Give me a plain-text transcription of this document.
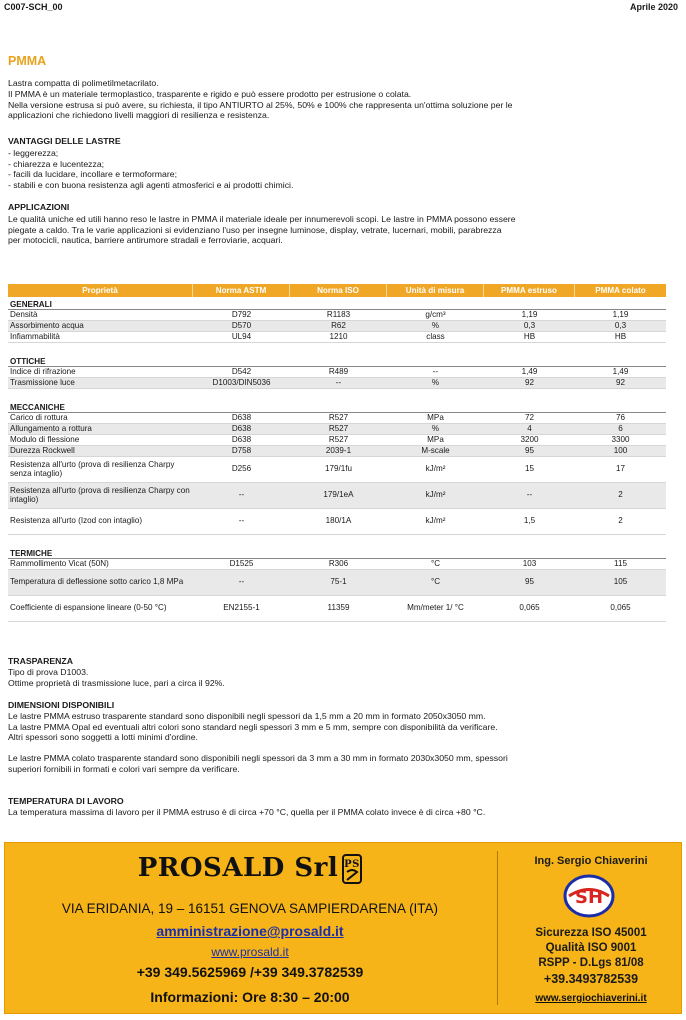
C007-SCH_00	Aprile 2020
PMMA
Lastra compatta di polimetilmetacrilato.
Il PMMA è un materiale termoplastico, trasparente e rigido e può essere prodotto per estrusione o colata.
Nella versione estrusa si può avere, su richiesta, il tipo ANTIURTO al 25%, 50% e 100% che rappresenta un'ottima soluzione per le
applicazioni che richiedono livelli maggiori di resilienza e resistenza.
VANTAGGI DELLE LASTRE
- leggerezza;
- chiarezza e lucentezza;
- facili da lucidare, incollare e termoformare;
- stabili e con buona resistenza agli agenti atmosferici e ai prodotti chimici.
APPLICAZIONI
Le qualità uniche ed utili hanno reso le lastre in PMMA il materiale ideale per innumerevoli scopi. Le lastre in PMMA possono essere
piegate a caldo. Tra le varie applicazioni si evidenziano l'uso per insegne luminose, display, vetrate, lucernari, mobili, parabrezza
per motocicli, nautica, barriere antirumore stradali e ferroviarie, acquari.
Proprietà	Norma ASTM	Norma ISO	Unità di misura	PMMA estruso	PMMA colato
GENERALI
Densità	D792	R1183	g/cm³	1,19	1,19
Assorbimento acqua	D570	R62	%	0,3	0,3
Infiammabilità	UL94	1210	class	HB	HB
OTTICHE
Indice di rifrazione	D542	R489	--	1,49	1,49
Trasmissione luce	D1003/DIN5036	--	%	92	92
MECCANICHE
Carico di rottura	D638	R527	MPa	72	76
Allungamento a rottura	D638	R527	%	4	6
Modulo di flessione	D638	R527	MPa	3200	3300
Durezza Rockwell	D758	2039-1	M-scale	95	100
Resistenza all'urto (prova di resilienza Charpy senza intaglio)	D256	179/1fu	kJ/m²	15	17
Resistenza all'urto (prova di resilienza Charpy con intaglio)	--	179/1eA	kJ/m²	--	2
Resistenza all'urto (Izod con intaglio)	--	180/1A	kJ/m²	1,5	2
TERMICHE
Rammollimento Vicat (50N)	D1525	R306	°C	103	115
Temperatura di deflessione sotto carico 1,8 MPa	--	75-1	°C	95	105
Coefficiente di espansione lineare (0-50 °C)	EN2155-1	11359	Mm/meter 1/ °C	0,065	0,065
TRASPARENZA
Tipo di prova D1003.
Ottime proprietà di trasmissione luce, pari a circa il 92%.
DIMENSIONI DISPONIBILI
Le lastre PMMA estruso trasparente standard sono disponibili negli spessori da 1,5 mm a 20 mm in formato 2050x3050 mm.
La lastre PMMA Opal ed eventuali altri colori sono standard negli spessori 3 mm e 5 mm, sempre con disponibilità da verificare.
Altri spessori sono soggetti a lotti minimi d'ordine.
Le lastre PMMA colato trasparente standard sono disponibili negli spessori da 3 mm a 30 mm in formato 2030x3050 mm, spessori
superiori fornibili in formati e colori vari sempre da verificare.
TEMPERATURA DI LAVORO
La temperatura massima di lavoro per il PMMA estruso è di circa +70 °C, quella per il PMMA colato invece è di circa +80 °C.
PROSALD Srl PS
VIA ERIDANIA, 19 – 16151 GENOVA SAMPIERDARENA (ITA)
amministrazione@prosald.it
www.prosald.it
+39 349.5625969 /+39 349.3782539
Informazioni: Ore 8:30 – 20:00
Ing. Sergio Chiaverini
SH
Sicurezza ISO 45001
Qualità ISO 9001
RSPP - D.Lgs 81/08
+39.3493782539
www.sergiochiaverini.it
